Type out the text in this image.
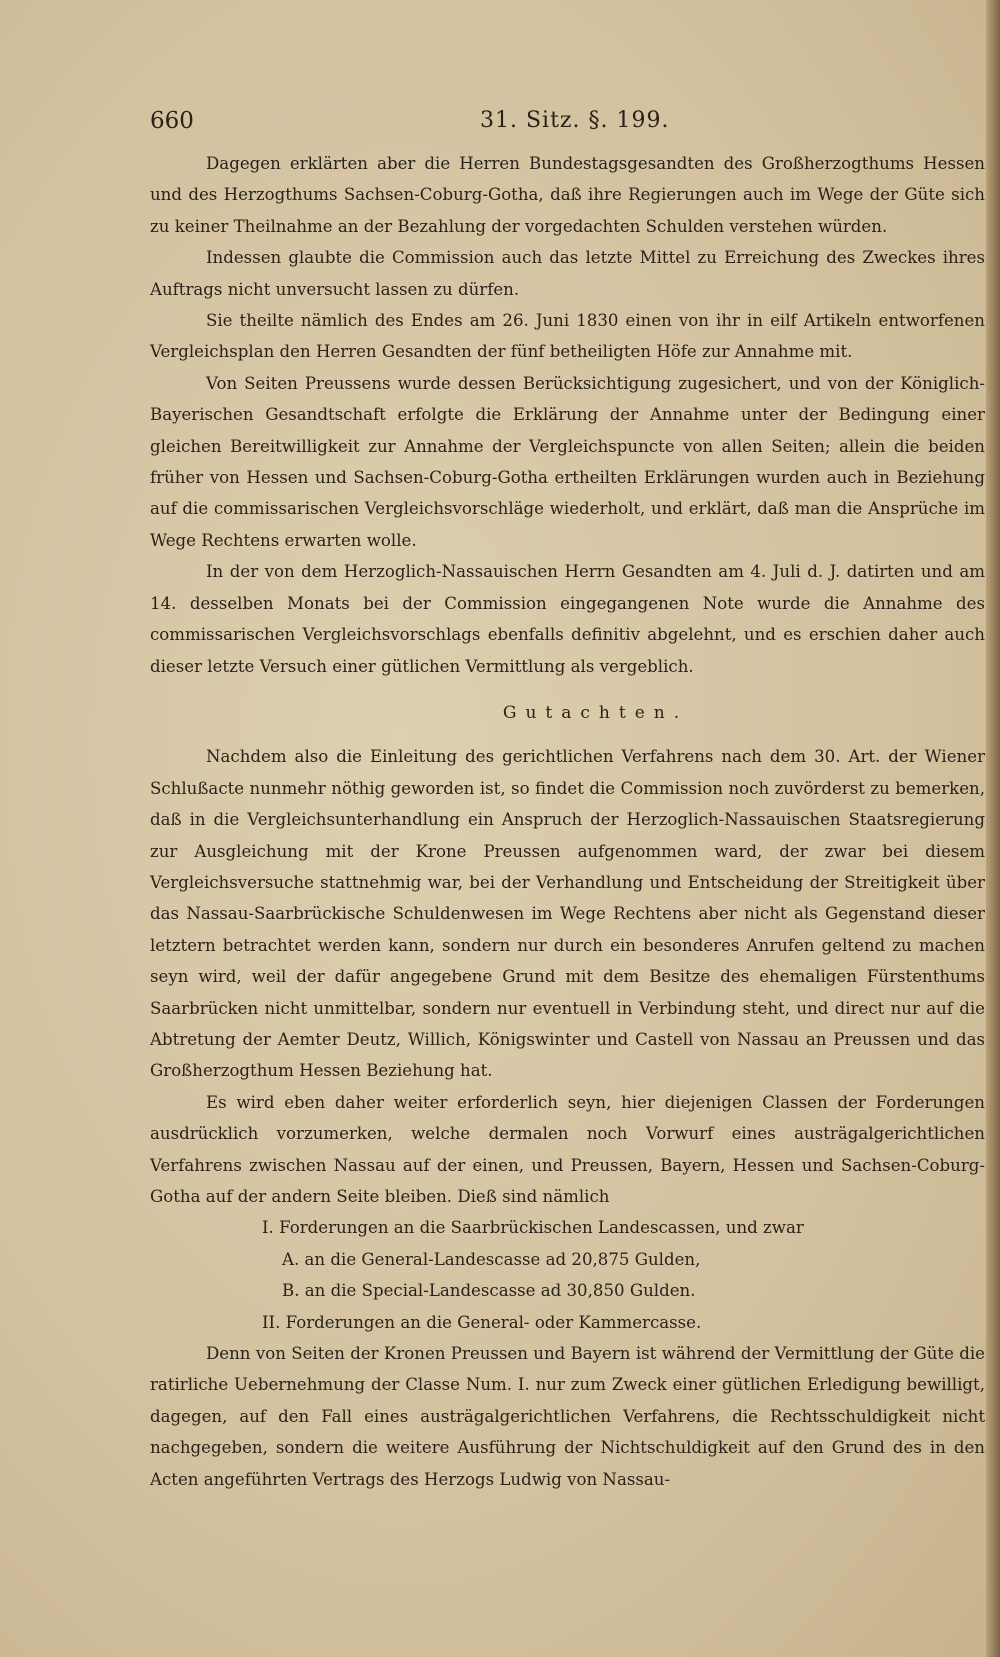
660	31. Sitz. §. 199.

Dagegen erklärten aber die Herren Bundestagsgesandten des Großherzogthums Hessen und des Herzogthums Sachsen-Coburg-Gotha, daß ihre Regierungen auch im Wege der Güte sich zu keiner Theilnahme an der Bezahlung der vorgedachten Schulden verstehen würden.

Indessen glaubte die Commission auch das letzte Mittel zu Erreichung des Zweckes ihres Auftrags nicht unversucht lassen zu dürfen.

Sie theilte nämlich des Endes am 26. Juni 1830 einen von ihr in eilf Artikeln entworfenen Vergleichsplan den Herren Gesandten der fünf betheiligten Höfe zur Annahme mit.

Von Seiten Preussens wurde dessen Berücksichtigung zugesichert, und von der Königlich-Bayerischen Gesandtschaft erfolgte die Erklärung der Annahme unter der Bedingung einer gleichen Bereitwilligkeit zur Annahme der Vergleichspuncte von allen Seiten; allein die beiden früher von Hessen und Sachsen-Coburg-Gotha ertheilten Erklärungen wurden auch in Beziehung auf die commissarischen Vergleichsvorschläge wiederholt, und erklärt, daß man die Ansprüche im Wege Rechtens erwarten wolle.

In der von dem Herzoglich-Nassauischen Herrn Gesandten am 4. Juli d. J. datirten und am 14. desselben Monats bei der Commission eingegangenen Note wurde die Annahme des commissarischen Vergleichsvorschlags ebenfalls definitiv abgelehnt, und es erschien daher auch dieser letzte Versuch einer gütlichen Vermittlung als vergeblich.

Gutachten.

Nachdem also die Einleitung des gerichtlichen Verfahrens nach dem 30. Art. der Wiener Schlußacte nunmehr nöthig geworden ist, so findet die Commission noch zuvörderst zu bemerken, daß in die Vergleichsunterhandlung ein Anspruch der Herzoglich-Nassauischen Staatsregierung zur Ausgleichung mit der Krone Preussen aufgenommen ward, der zwar bei diesem Vergleichsversuche stattnehmig war, bei der Verhandlung und Entscheidung der Streitigkeit über das Nassau-Saarbrückische Schuldenwesen im Wege Rechtens aber nicht als Gegenstand dieser letztern betrachtet werden kann, sondern nur durch ein besonderes Anrufen geltend zu machen seyn wird, weil der dafür angegebene Grund mit dem Besitze des ehemaligen Fürstenthums Saarbrücken nicht unmittelbar, sondern nur eventuell in Verbindung steht, und direct nur auf die Abtretung der Aemter Deutz, Willich, Königswinter und Castell von Nassau an Preussen und das Großherzogthum Hessen Beziehung hat.

Es wird eben daher weiter erforderlich seyn, hier diejenigen Classen der Forderungen ausdrücklich vorzumerken, welche dermalen noch Vorwurf eines austrägalgerichtlichen Verfahrens zwischen Nassau auf der einen, und Preussen, Bayern, Hessen und Sachsen-Coburg-Gotha auf der andern Seite bleiben. Dieß sind nämlich

I. Forderungen an die Saarbrückischen Landescassen, und zwar

A. an die General-Landescasse ad 20,875 Gulden,

B. an die Special-Landescasse ad 30,850 Gulden.

II. Forderungen an die General- oder Kammercasse.

Denn von Seiten der Kronen Preussen und Bayern ist während der Vermittlung der Güte die ratirliche Uebernehmung der Classe Num. I. nur zum Zweck einer gütlichen Erledigung bewilligt, dagegen, auf den Fall eines austrägalgerichtlichen Verfahrens, die Rechtsschuldigkeit nicht nachgegeben, sondern die weitere Ausführung der Nichtschuldigkeit auf den Grund des in den Acten angeführten Vertrags des Herzogs Ludwig von Nassau-
